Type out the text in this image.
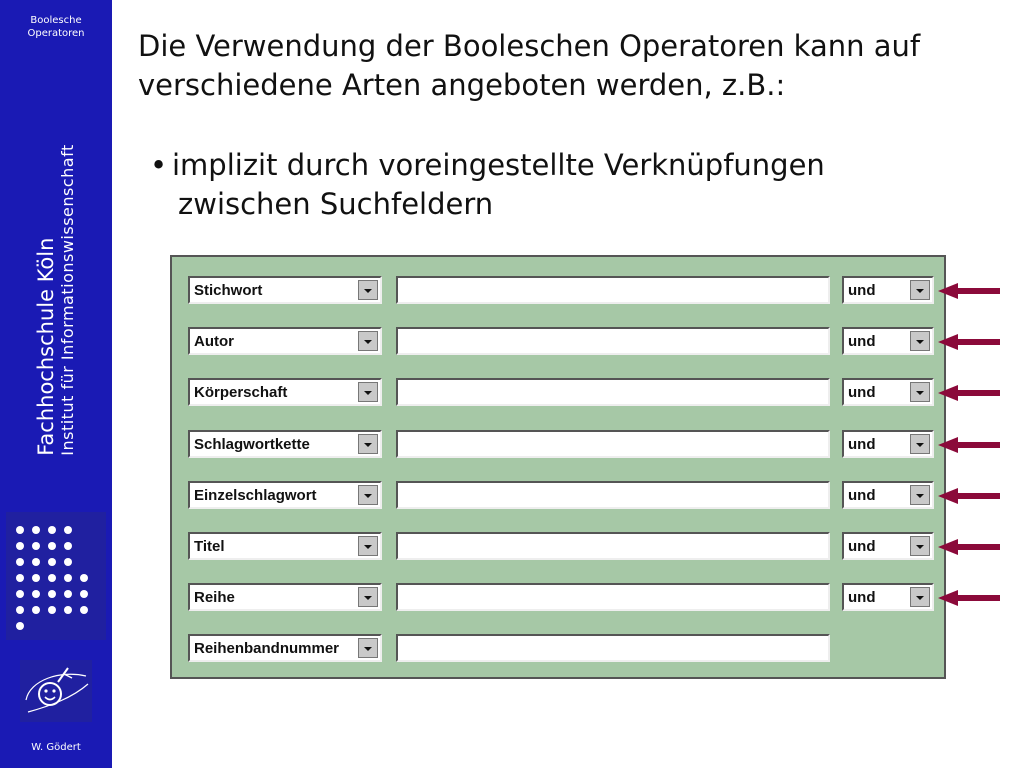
Boolesche
Operatoren
Fachhochschule Köln Institut für Informationswissenschaft
W. Gödert
Die Verwendung der Booleschen Operatoren kann auf
verschiedene Arten angeboten werden, z.B.:
• implizit durch voreingestellte Verknüpfungen
zwischen Suchfeldern
Stichwort	und
Autor	und
Körperschaft	und
Schlagwortkette	und
Einzelschlagwort	und
Titel	und
Reihe	und
Reihenbandnummer
